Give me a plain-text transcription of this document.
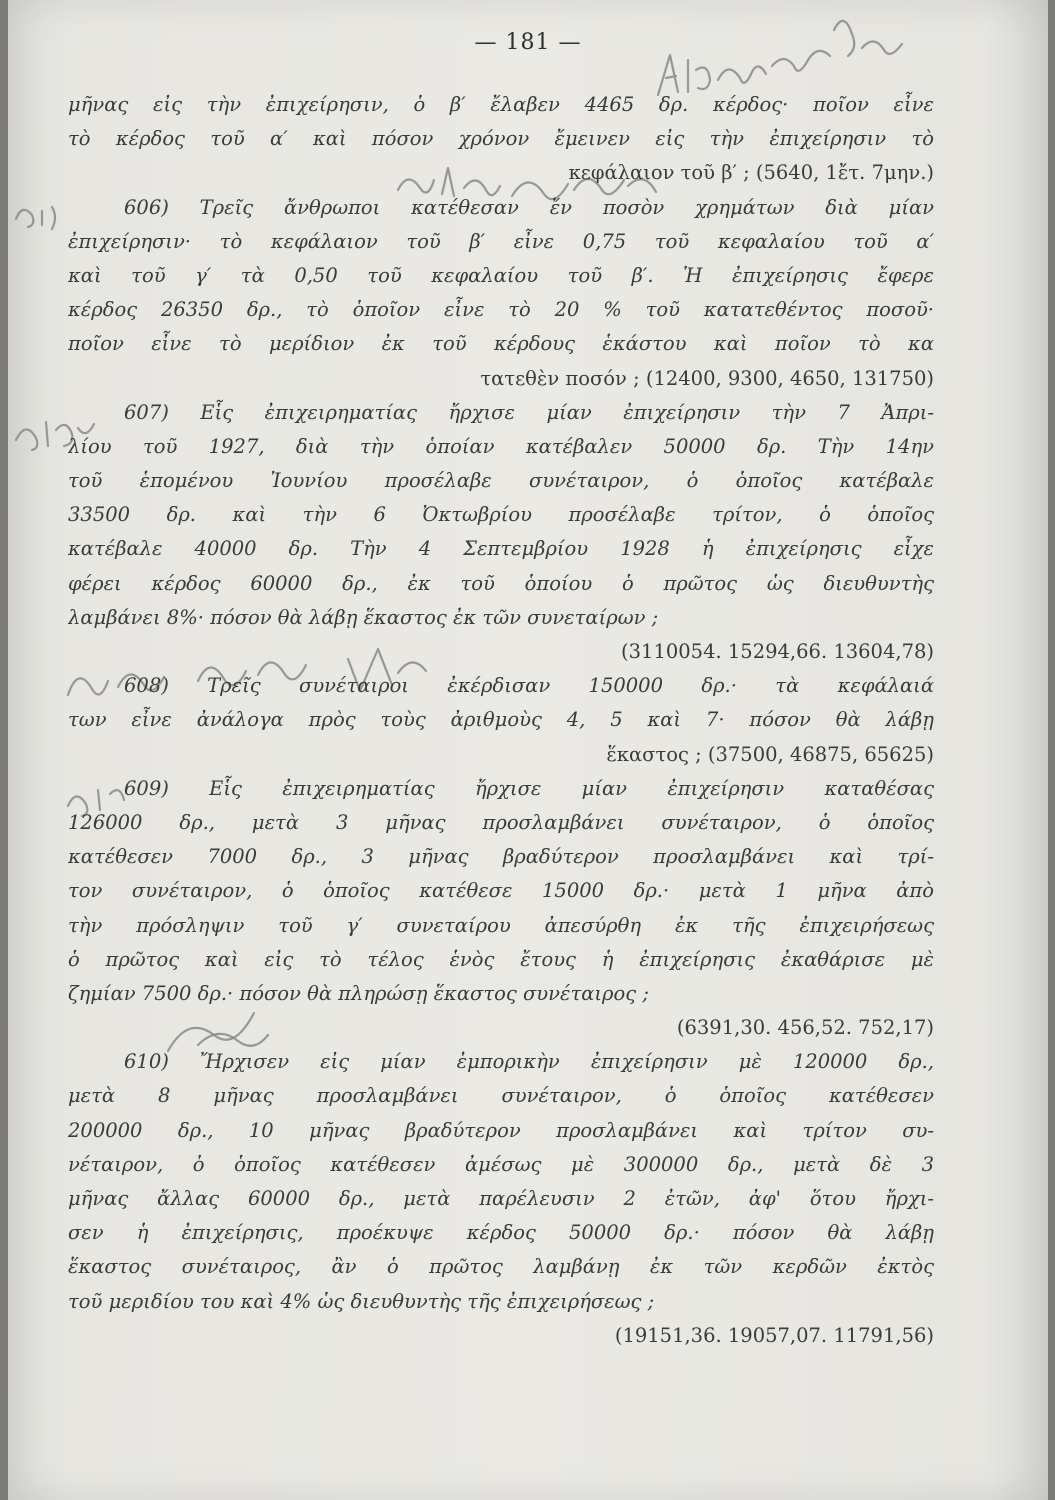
— 181 —
μῆνας εἰς τὴν ἐπιχείρησιν, ὁ β′ ἔλαβεν 4465 δρ. κέρδος· ποῖον εἶνε
τὸ κέρδος τοῦ α′ καὶ πόσον χρόνον ἔμεινεν εἰς τὴν ἐπιχείρησιν τὸ
κεφάλαιον τοῦ β′ ; (5640, 1ἔτ. 7μην.)
606) Τρεῖς ἄνθρωποι κατέθεσαν ἔν ποσὸν χρημάτων διὰ μίαν
ἐπιχείρησιν· τὸ κεφάλαιον τοῦ β′ εἶνε 0,75 τοῦ κεφαλαίου τοῦ α′
καὶ τοῦ γ′ τὰ 0,50 τοῦ κεφαλαίου τοῦ β′. Ἡ ἐπιχείρησις ἔφερε
κέρδος 26350 δρ., τὸ ὁποῖον εἶνε τὸ 20 % τοῦ κατατεθέντος ποσοῦ·
ποῖον εἶνε τὸ μερίδιον ἐκ τοῦ κέρδους ἑκάστου καὶ ποῖον τὸ κα
τατεθὲν ποσόν ; (12400, 9300, 4650, 131750)
607) Εἷς ἐπιχειρηματίας ἤρχισε μίαν ἐπιχείρησιν τὴν 7 Ἀπρι-
λίου τοῦ 1927, διὰ τὴν ὁποίαν κατέβαλεν 50000 δρ. Τὴν 14ην
τοῦ ἑπομένου Ἰουνίου προσέλαβε συνέταιρον, ὁ ὁποῖος κατέβαλε
33500 δρ. καὶ τὴν 6 Ὀκτωβρίου προσέλαβε τρίτον, ὁ ὁποῖος
κατέβαλε 40000 δρ. Τὴν 4 Σεπτεμβρίου 1928 ἡ ἐπιχείρησις εἶχε
φέρει κέρδος 60000 δρ., ἐκ τοῦ ὁποίου ὁ πρῶτος ὡς διευθυντὴς
λαμβάνει 8%· πόσον θὰ λάβῃ ἕκαστος ἐκ τῶν συνεταίρων ;
(3110054. 15294,66. 13604,78)
608) Τρεῖς συνέταιροι ἐκέρδισαν 150000 δρ.· τὰ κεφάλαιά
των εἶνε ἀνάλογα πρὸς τοὺς ἀριθμοὺς 4, 5 καὶ 7· πόσον θὰ λάβῃ
ἕκαστος ; (37500, 46875, 65625)
609) Εἷς ἐπιχειρηματίας ἤρχισε μίαν ἐπιχείρησιν καταθέσας
126000 δρ., μετὰ 3 μῆνας προσλαμβάνει συνέταιρον, ὁ ὁποῖος
κατέθεσεν 7000 δρ., 3 μῆνας βραδύτερον προσλαμβάνει καὶ τρί-
τον συνέταιρον, ὁ ὁποῖος κατέθεσε 15000 δρ.· μετὰ 1 μῆνα ἀπὸ
τὴν πρόσληψιν τοῦ γ′ συνεταίρου ἀπεσύρθη ἐκ τῆς ἐπιχειρήσεως
ὁ πρῶτος καὶ εἰς τὸ τέλος ἑνὸς ἔτους ἡ ἐπιχείρησις ἐκαθάρισε μὲ
ζημίαν 7500 δρ.· πόσον θὰ πληρώσῃ ἕκαστος συνέταιρος ;
(6391,30. 456,52. 752,17)
610) Ἤρχισεν εἰς μίαν ἐμπορικὴν ἐπιχείρησιν μὲ 120000 δρ.,
μετὰ 8 μῆνας προσλαμβάνει συνέταιρον, ὁ ὁποῖος κατέθεσεν
200000 δρ., 10 μῆνας βραδύτερον προσλαμβάνει καὶ τρίτον συ-
νέταιρον, ὁ ὁποῖος κατέθεσεν ἀμέσως μὲ 300000 δρ., μετὰ δὲ 3
μῆνας ἄλλας 60000 δρ., μετὰ παρέλευσιν 2 ἐτῶν, ἀφ' ὅτου ἤρχι-
σεν ἡ ἐπιχείρησις, προέκυψε κέρδος 50000 δρ.· πόσον θὰ λάβῃ
ἕκαστος συνέταιρος, ἂν ὁ πρῶτος λαμβάνῃ ἐκ τῶν κερδῶν ἐκτὸς
τοῦ μεριδίου του καὶ 4% ὡς διευθυντὴς τῆς ἐπιχειρήσεως ;
(19151,36. 19057,07. 11791,56)
